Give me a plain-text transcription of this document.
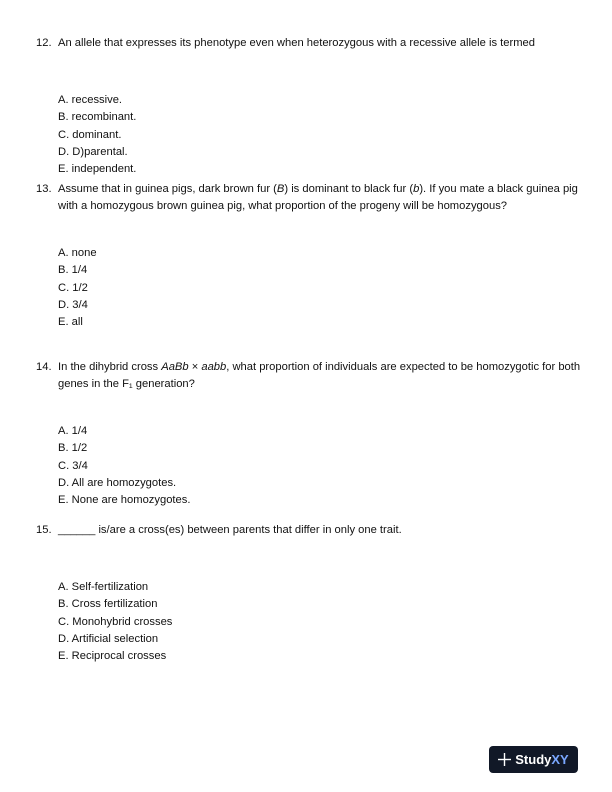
12. An allele that expresses its phenotype even when heterozygous with a recessive allele is termed
A. recessive.
B. recombinant.
C. dominant.
D. D)parental.
E. independent.
13. Assume that in guinea pigs, dark brown fur (B) is dominant to black fur (b). If you mate a black guinea pig with a homozygous brown guinea pig, what proportion of the progeny will be homozygous?
A. none
B. 1/4
C. 1/2
D. 3/4
E. all
14. In the dihybrid cross AaBb × aabb, what proportion of individuals are expected to be homozygotic for both genes in the F₁ generation?
A. 1/4
B. 1/2
C. 3/4
D. All are homozygotes.
E. None are homozygotes.
15. ______ is/are a cross(es) between parents that differ in only one trait.
A. Self-fertilization
B. Cross fertilization
C. Monohybrid crosses
D. Artificial selection
E. Reciprocal crosses
StudyXY
